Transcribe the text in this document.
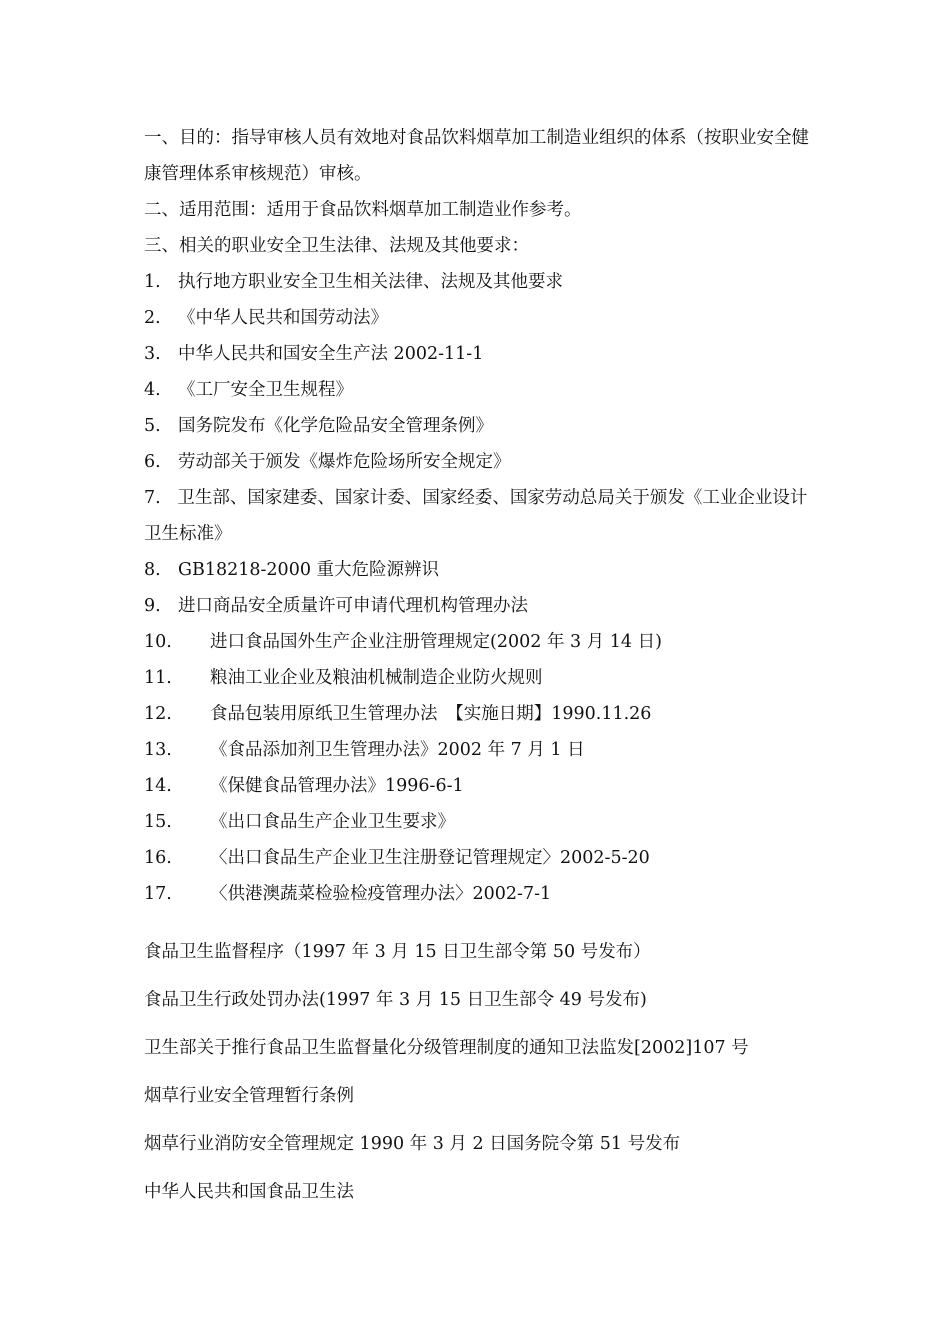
一、目的：指导审核人员有效地对食品饮料烟草加工制造业组织的体系（按职业安全健康管理体系审核规范）审核。

二、适用范围：适用于食品饮料烟草加工制造业作参考。

三、相关的职业安全卫生法律、法规及其他要求：

1. 执行地方职业安全卫生相关法律、法规及其他要求
2. 《中华人民共和国劳动法》
3. 中华人民共和国安全生产法 2002-11-1
4. 《工厂安全卫生规程》
5. 国务院发布《化学危险品安全管理条例》
6. 劳动部关于颁发《爆炸危险场所安全规定》

7. 卫生部、国家建委、国家计委、国家经委、国家劳动总局关于颁发《工业企业设计卫生标准》

8. GB18218-2000 重大危险源辨识
9. 进口商品安全质量许可申请代理机构管理办法
10.	进口食品国外生产企业注册管理规定(2002 年 3 月 14 日)
11.	粮油工业企业及粮油机械制造企业防火规则
12.	食品包装用原纸卫生管理办法　【实施日期】1990.11.26
13.	《食品添加剂卫生管理办法》2002 年 7 月 1 日
14.	《保健食品管理办法》1996-6-1
15.	《出口食品生产企业卫生要求》
16.	〈出口食品生产企业卫生注册登记管理规定〉2002-5-20
17.	〈供港澳蔬菜检验检疫管理办法〉2002-7-1

食品卫生监督程序（1997 年 3 月 15 日卫生部令第 50 号发布）

食品卫生行政处罚办法(1997 年 3 月 15 日卫生部令 49 号发布)

卫生部关于推行食品卫生监督量化分级管理制度的通知卫法监发[2002]107 号

烟草行业安全管理暂行条例

烟草行业消防安全管理规定 1990 年 3 月 2 日国务院令第 51 号发布

中华人民共和国食品卫生法
